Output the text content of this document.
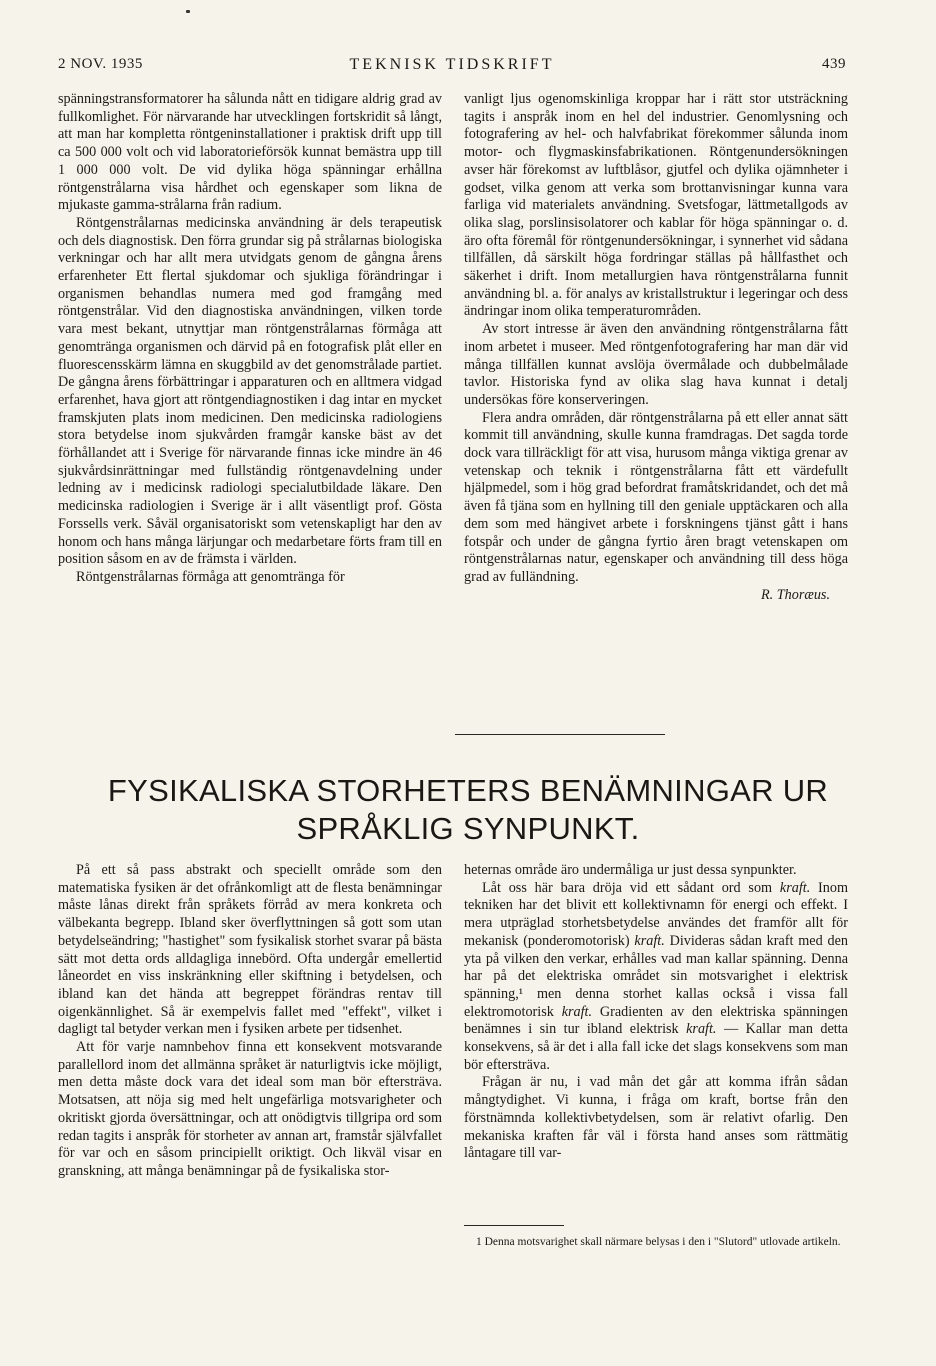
2 NOV. 1935	TEKNISK TIDSKRIFT	439

spänningstransformatorer ha sålunda nått en tidigare aldrig grad av fullkomlighet. För närvarande har utvecklingen fortskridit så långt, att man har kompletta röntgeninstallationer i praktisk drift upp till ca 500 000 volt och vid laboratorieförsök kunnat bemästra upp till 1 000 000 volt. De vid dylika höga spänningar erhållna röntgenstrålarna visa hårdhet och egenskaper som likna de mjukaste gamma-strålarna från radium.

Röntgenstrålarnas medicinska användning är dels terapeutisk och dels diagnostisk. Den förra grundar sig på strålarnas biologiska verkningar och har allt mera utvidgats genom de gångna årens erfarenheter Ett flertal sjukdomar och sjukliga förändringar i organismen behandlas numera med god framgång med röntgenstrålar. Vid den diagnostiska användningen, vilken torde vara mest bekant, utnyttjar man röntgenstrålarnas förmåga att genomtränga organismen och därvid på en fotografisk plåt eller en fluorescensskärm lämna en skuggbild av det genomstrålade partiet. De gångna årens förbättringar i apparaturen och en alltmera vidgad erfarenhet, hava gjort att röntgendiagnostiken i dag intar en mycket framskjuten plats inom medicinen. Den medicinska radiologiens stora betydelse inom sjukvården framgår kanske bäst av det förhållandet att i Sverige för närvarande finnas icke mindre än 46 sjukvårdsinrättningar med fullständig röntgenavdelning under ledning av i medicinsk radiologi specialutbildade läkare. Den medicinska radiologien i Sverige är i allt väsentligt prof. Gösta Forssells verk. Såväl organisatoriskt som vetenskapligt har den av honom och hans många lärjungar och medarbetare förts fram till en position såsom en av de främsta i världen.

Röntgenstrålarnas förmåga att genomtränga för

vanligt ljus ogenomskinliga kroppar har i rätt stor utsträckning tagits i anspråk inom en hel del industrier. Genomlysning och fotografering av hel- och halvfabrikat förekommer sålunda inom motor- och flygmaskinsfabrikationen. Röntgenundersökningen avser här förekomst av luftblåsor, gjutfel och dylika ojämnheter i godset, vilka genom att verka som brottanvisningar kunna vara farliga vid materialets användning. Svetsfogar, lättmetallgods av olika slag, porslinsisolatorer och kablar för höga spänningar o. d. äro ofta föremål för röntgenundersökningar, i synnerhet vid sådana tillfällen, då särskilt höga fordringar ställas på hållfasthet och säkerhet i drift. Inom metallurgien hava röntgenstrålarna funnit användning bl. a. för analys av kristallstruktur i legeringar och dess ändringar inom olika temperaturområden.

Av stort intresse är även den användning röntgenstrålarna fått inom arbetet i museer. Med röntgenfotografering har man där vid många tillfällen kunnat avslöja övermålade och dubbelmålade tavlor. Historiska fynd av olika slag hava kunnat i detalj undersökas före konserveringen.

Flera andra områden, där röntgenstrålarna på ett eller annat sätt kommit till användning, skulle kunna framdragas. Det sagda torde dock vara tillräckligt för att visa, hurusom många viktiga grenar av vetenskap och teknik i röntgenstrålarna fått ett värdefullt hjälpmedel, som i hög grad befordrat framåtskridandet, och det må även få tjäna som en hyllning till den geniale upptäckaren och alla dem som med hängivet arbete i forskningens tjänst gått i hans fotspår och under de gångna fyrtio åren bragt vetenskapen om röntgenstrålarnas natur, egenskaper och användning till dess höga grad av fulländning.

R. Thoræus.
FYSIKALISKA STORHETERS BENÄMNINGAR UR
SPRÅKLIG SYNPUNKT.

På ett så pass abstrakt och speciellt område som den matematiska fysiken är det ofrånkomligt att de flesta benämningar måste lånas direkt från språkets förråd av mera konkreta och välbekanta begrepp. Ibland sker överflyttningen så gott som utan betydelseändring; "hastighet" som fysikalisk storhet svarar på bästa sätt mot detta ords alldagliga innebörd. Ofta undergår emellertid låneordet en viss inskränkning eller skiftning i betydelsen, och ibland kan det hända att begreppet förändras rentav till oigenkännlighet. Så är exempelvis fallet med "effekt", vilket i dagligt tal betyder verkan men i fysiken arbete per tidsenhet.

Att för varje namnbehov finna ett konsekvent motsvarande parallellord inom det allmänna språket är naturligtvis icke möjligt, men detta måste dock vara det ideal som man bör eftersträva. Motsatsen, att nöja sig med helt ungefärliga motsvarigheter och okritiskt gjorda översättningar, och att onödigtvis tillgripa ord som redan tagits i anspråk för storheter av annan art, framstår självfallet för var och en såsom principiellt oriktigt. Och likväl visar en granskning, att många benämningar på de fysikaliska stor-

heternas område äro undermåliga ur just dessa synpunkter.

Låt oss här bara dröja vid ett sådant ord som kraft. Inom tekniken har det blivit ett kollektivnamn för energi och effekt. I mera utpräglad storhetsbetydelse användes det framför allt för mekanisk (ponderomotorisk) kraft. Divideras sådan kraft med den yta på vilken den verkar, erhålles vad man kallar spänning. Denna har på det elektriska området sin motsvarighet i elektrisk spänning,¹ men denna storhet kallas också i vissa fall elektromotorisk kraft. Gradienten av den elektriska spänningen benämnes i sin tur ibland elektrisk kraft. — Kallar man detta konsekvens, så är det i alla fall icke det slags konsekvens som man bör eftersträva.

Frågan är nu, i vad mån det går att komma ifrån sådan mångtydighet. Vi kunna, i fråga om kraft, bortse från den förstnämnda kollektivbetydelsen, som är relativt ofarlig. Den mekaniska kraften får väl i första hand anses som rättmätig låntagare till var-

1 Denna motsvarighet skall närmare belysas i den i "Slutord" utlovade artikeln.
